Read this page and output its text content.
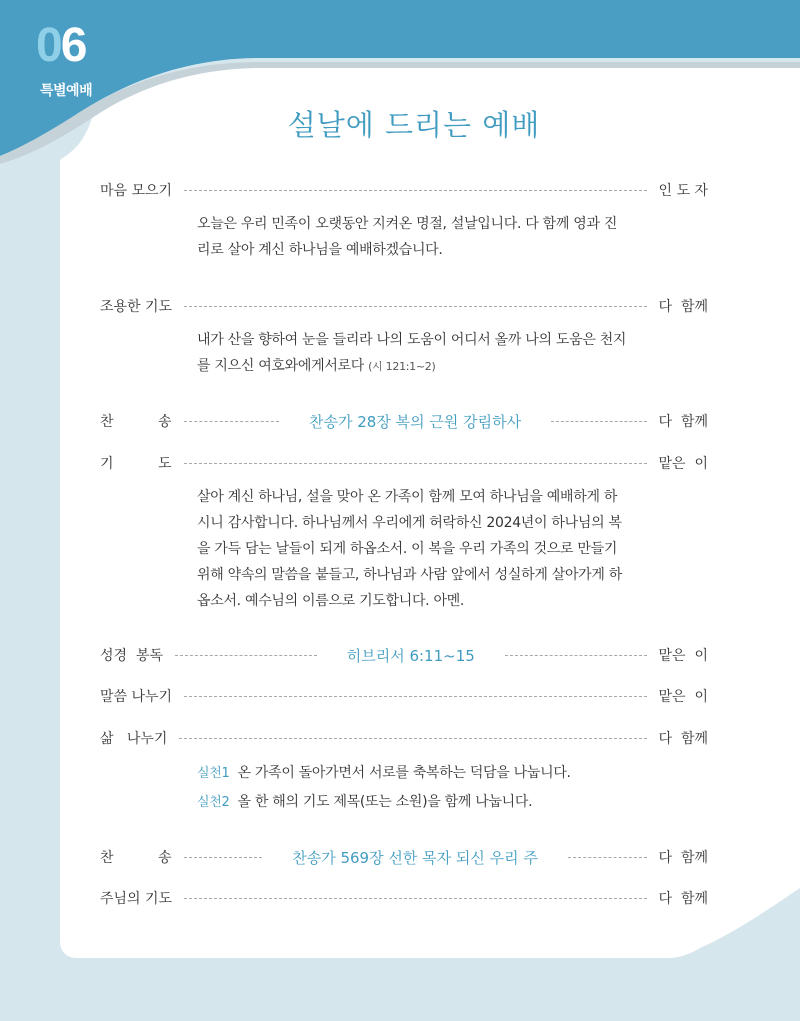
06
특별예배
설날에 드리는 예배
마음 모으기	인 도 자
오늘은 우리 민족이 오랫동안 지켜온 명절, 설날입니다. 다 함께 영과 진리로 살아 계신 하나님을 예배하겠습니다.
조용한 기도	다  함께
내가 산을 향하여 눈을 들리라 나의 도움이 어디서 올까 나의 도움은 천지를 지으신 여호와에게서로다 (시 121:1~2)
찬          송	찬송가 28장 복의 근원 강림하사	다  함께
기          도	맡은  이
살아 계신 하나님, 설을 맞아 온 가족이 함께 모여 하나님을 예배하게 하시니 감사합니다. 하나님께서 우리에게 허락하신 2024년이 하나님의 복을 가득 담는 날들이 되게 하옵소서. 이 복을 우리 가족의 것으로 만들기 위해 약속의 말씀을 붙들고, 하나님과 사람 앞에서 성실하게 살아가게 하옵소서. 예수님의 이름으로 기도합니다. 아멘.
성경  봉독	히브리서 6:11~15	맡은  이
말씀 나누기	맡은  이
삶   나누기	다  함께
실천1 온 가족이 돌아가면서 서로를 축복하는 덕담을 나눕니다.
실천2 올 한 해의 기도 제목(또는 소원)을 함께 나눕니다.
찬          송	찬송가 569장 선한 목자 되신 우리 주	다  함께
주님의 기도	다  함께
